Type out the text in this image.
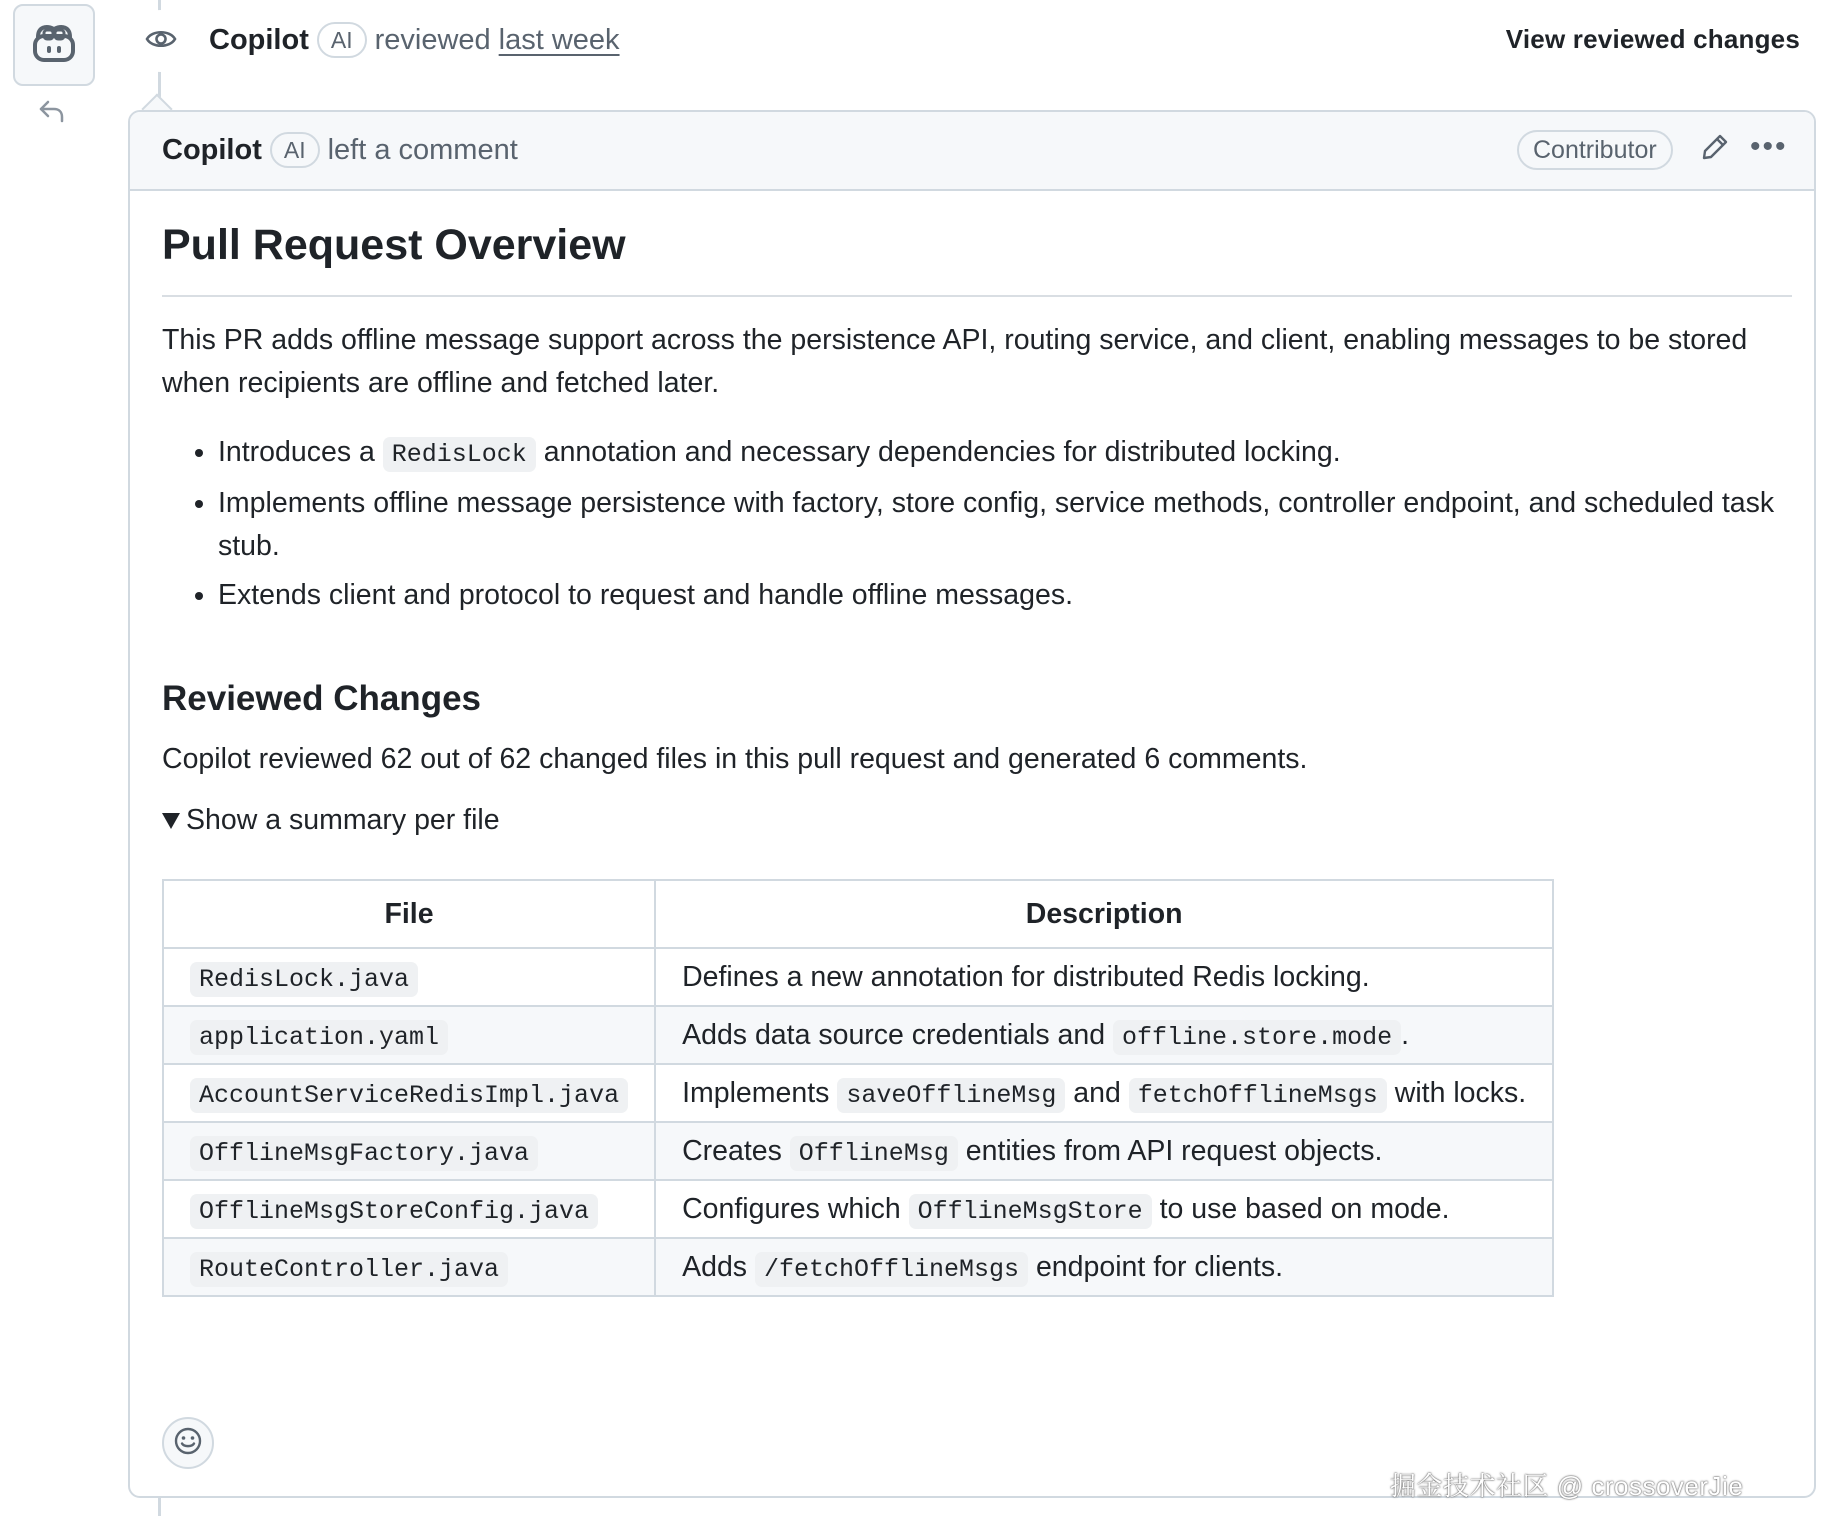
Copilot AI reviewed last week	View reviewed changes
Copilot AI left a comment	Contributor	•••
Pull Request Overview

This PR adds offline message support across the persistence API, routing service, and client, enabling messages to be stored when recipients are offline and fetched later.

• Introduces a RedisLock annotation and necessary dependencies for distributed locking.
• Implements offline message persistence with factory, store config, service methods, controller endpoint, and scheduled task stub.
• Extends client and protocol to request and handle offline messages.
Reviewed Changes
Copilot reviewed 62 out of 62 changed files in this pull request and generated 6 comments.
Show a summary per file
File	Description
RedisLock.java	Defines a new annotation for distributed Redis locking.
application.yaml	Adds data source credentials and offline.store.mode .
AccountServiceRedisImpl.java	Implements saveOfflineMsg and fetchOfflineMsgs with locks.
OfflineMsgFactory.java	Creates OfflineMsg entities from API request objects.
OfflineMsgStoreConfig.java	Configures which OfflineMsgStore to use based on mode.
RouteController.java	Adds /fetchOfflineMsgs endpoint for clients.
掘金技术社区 @ crossoverJie
